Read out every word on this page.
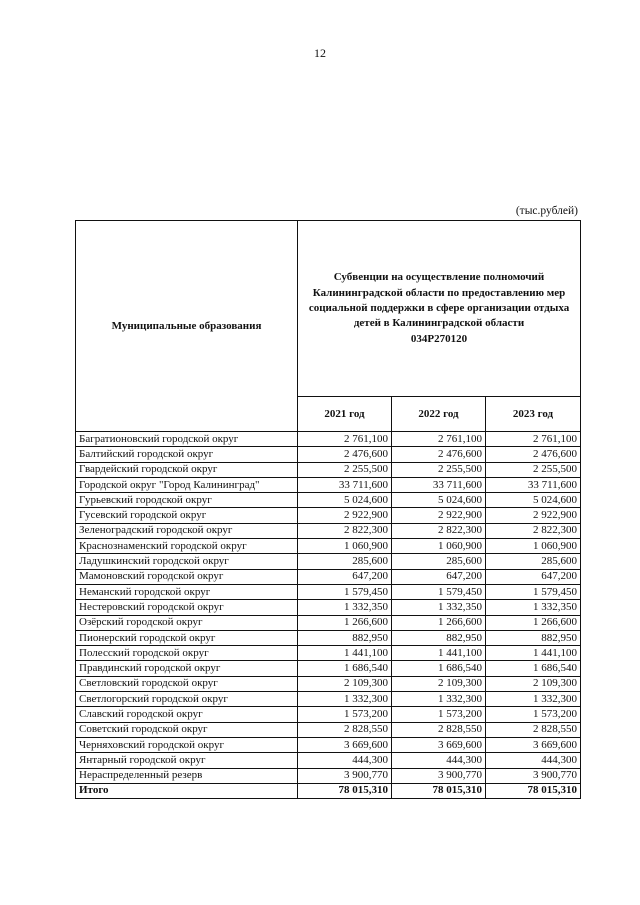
12
(тыс.рублей)
Муниципальные образования	Субвенции на осуществление полномочий Калининградской области по предоставлению мер социальной поддержки в сфере организации отдыха детей в Калининградской области
034Р270120		

	2021 год	2022 год	2023 год
Багратионовский городской округ	2 761,100	2 761,100	2 761,100
Балтийский городской округ	2 476,600	2 476,600	2 476,600
Гвардейский городской округ	2 255,500	2 255,500	2 255,500
Городской округ "Город Калининград"	33 711,600	33 711,600	33 711,600
Гурьевский городской округ	5 024,600	5 024,600	5 024,600
Гусевский городской округ	2 922,900	2 922,900	2 922,900
Зеленоградский городской округ	2 822,300	2 822,300	2 822,300
Краснознаменский городской округ	1 060,900	1 060,900	1 060,900
Ладушкинский городской округ	285,600	285,600	285,600
Мамоновский городской округ	647,200	647,200	647,200
Неманский городской округ	1 579,450	1 579,450	1 579,450
Нестеровский городской округ	1 332,350	1 332,350	1 332,350
Озёрский городской округ	1 266,600	1 266,600	1 266,600
Пионерский городской округ	882,950	882,950	882,950
Полесский городской округ	1 441,100	1 441,100	1 441,100
Правдинский городской округ	1 686,540	1 686,540	1 686,540
Светловский городской округ	2 109,300	2 109,300	2 109,300
Светлогорский городской округ	1 332,300	1 332,300	1 332,300
Славский городской округ	1 573,200	1 573,200	1 573,200
Советский городской округ	2 828,550	2 828,550	2 828,550
Черняховский городской округ	3 669,600	3 669,600	3 669,600
Янтарный городской округ	444,300	444,300	444,300
Нераспределенный резерв	3 900,770	3 900,770	3 900,770
Итого	78 015,310	78 015,310	78 015,310
